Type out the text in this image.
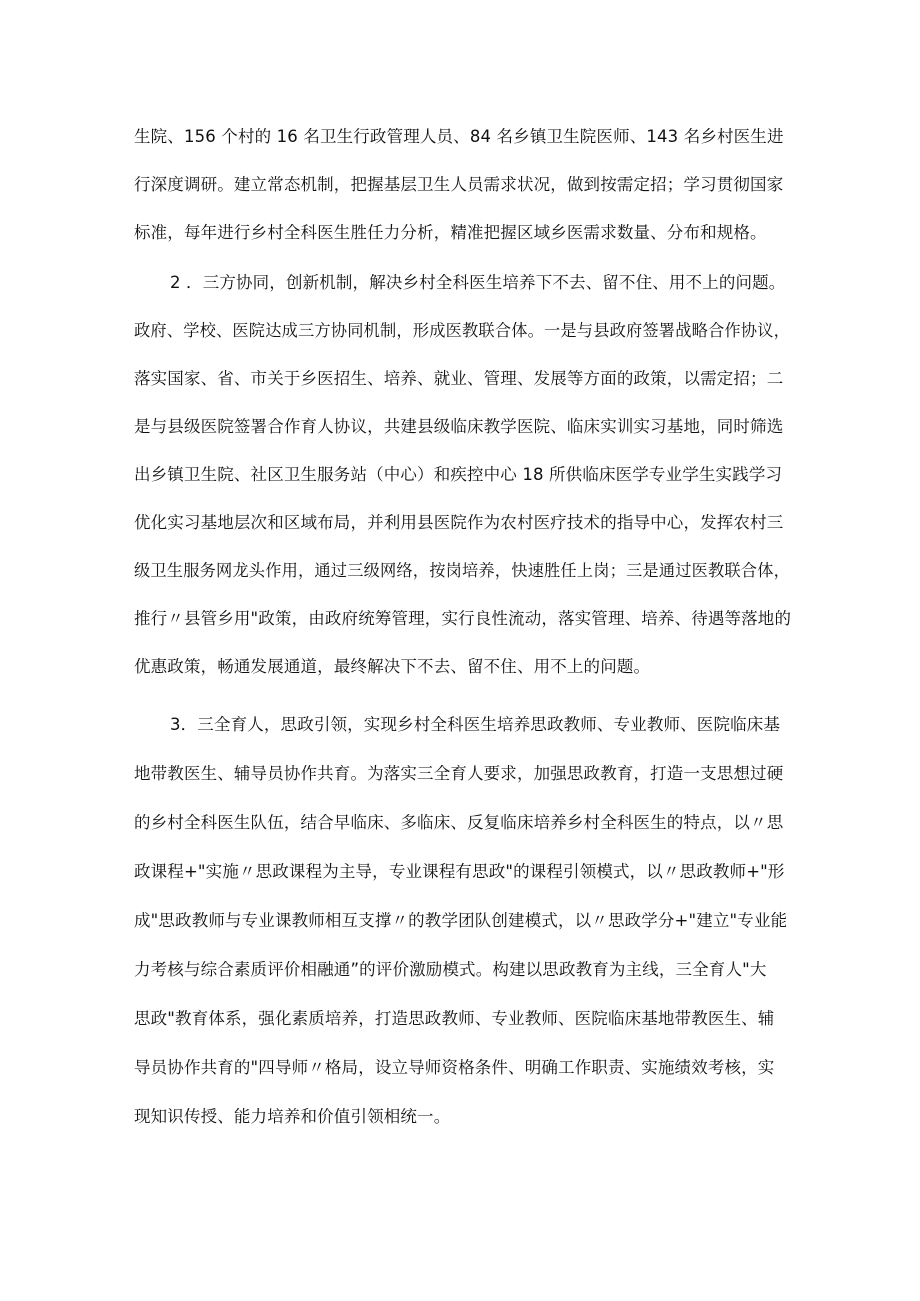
生院、156 个村的 16 名卫生行政管理人员、84 名乡镇卫生院医师、143 名乡村医生进
行深度调研。建立常态机制，把握基层卫生人员需求状况，做到按需定招；学习贯彻国家
标准，每年进行乡村全科医生胜任力分析，精准把握区域乡医需求数量、分布和规格。
2 ．三方协同，创新机制，解决乡村全科医生培养下不去、留不住、用不上的问题。
政府、学校、医院达成三方协同机制，形成医教联合体。一是与县政府签署战略合作协议，
落实国家、省、市关于乡医招生、培养、就业、管理、发展等方面的政策，以需定招；二
是与县级医院签署合作育人协议，共建县级临床教学医院、临床实训实习基地，同时筛选
出乡镇卫生院、社区卫生服务站（中心）和疾控中心 18 所供临床医学专业学生实践学习
优化实习基地层次和区域布局，并利用县医院作为农村医疗技术的指导中心，发挥农村三
级卫生服务网龙头作用，通过三级网络，按岗培养，快速胜任上岗；三是通过医教联合体，
推行〃县管乡用"政策，由政府统筹管理，实行良性流动，落实管理、培养、待遇等落地的
优惠政策，畅通发展通道，最终解决下不去、留不住、用不上的问题。
3．三全育人，思政引领，实现乡村全科医生培养思政教师、专业教师、医院临床基
地带教医生、辅导员协作共育。为落实三全育人要求，加强思政教育，打造一支思想过硬
的乡村全科医生队伍，结合早临床、多临床、反复临床培养乡村全科医生的特点，以〃思
政课程+"实施〃思政课程为主导，专业课程有思政"的课程引领模式，以〃思政教师+"形
成"思政教师与专业课教师相互支撑〃的教学团队创建模式，以〃思政学分+"建立"专业能
力考核与综合素质评价相融通”的评价激励模式。构建以思政教育为主线，三全育人"大
思政"教育体系，强化素质培养，打造思政教师、专业教师、医院临床基地带教医生、辅
导员协作共育的"四导师〃格局，设立导师资格条件、明确工作职责、实施绩效考核，实
现知识传授、能力培养和价值引领相统一。
